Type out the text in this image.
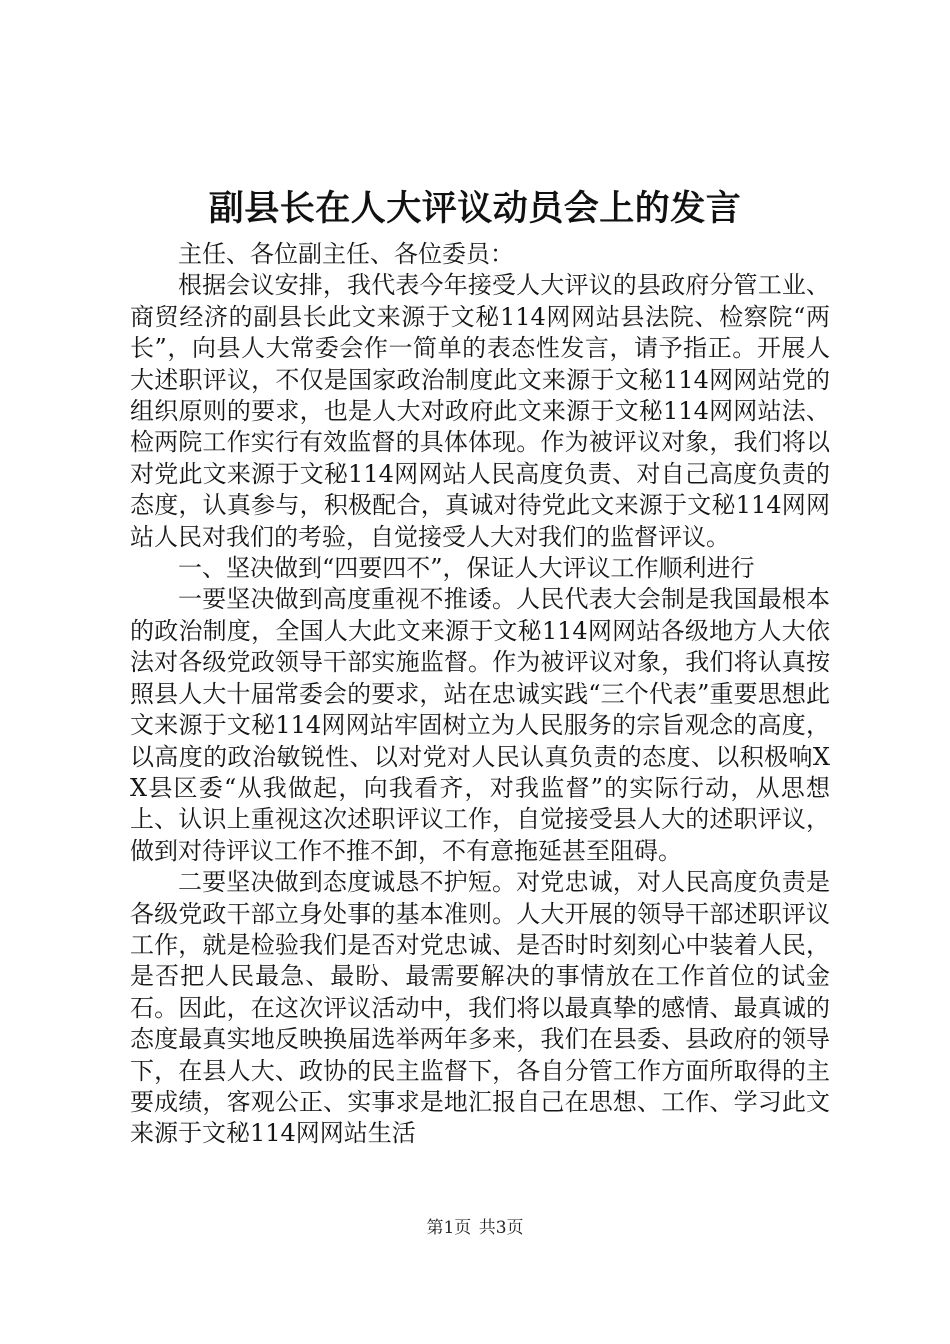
副县长在人大评议动员会上的发言

主任、各位副主任、各位委员：

根据会议安排，我代表今年接受人大评议的县政府分管工业、商贸经济的副县长此文来源于文秘114网网站县法院、检察院“两长”，向县人大常委会作一简单的表态性发言，请予指正。开展人大述职评议，不仅是国家政治制度此文来源于文秘114网网站党的组织原则的要求，也是人大对政府此文来源于文秘114网网站法、检两院工作实行有效监督的具体体现。作为被评议对象，我们将以对党此文来源于文秘114网网站人民高度负责、对自己高度负责的态度，认真参与，积极配合，真诚对待党此文来源于文秘114网网站人民对我们的考验，自觉接受人大对我们的监督评议。

一、坚决做到“四要四不”，保证人大评议工作顺利进行

一要坚决做到高度重视不推诿。人民代表大会制是我国最根本的政治制度，全国人大此文来源于文秘114网网站各级地方人大依法对各级党政领导干部实施监督。作为被评议对象，我们将认真按照县人大十届常委会的要求，站在忠诚实践“三个代表”重要思想此文来源于文秘114网网站牢固树立为人民服务的宗旨观念的高度，以高度的政治敏锐性、以对党对人民认真负责的态度、以积极响XX县区委“从我做起，向我看齐，对我监督”的实际行动，从思想上、认识上重视这次述职评议工作，自觉接受县人大的述职评议，做到对待评议工作不推不卸，不有意拖延甚至阻碍。

二要坚决做到态度诚恳不护短。对党忠诚，对人民高度负责是各级党政干部立身处事的基本准则。人大开展的领导干部述职评议工作，就是检验我们是否对党忠诚、是否时时刻刻心中装着人民，是否把人民最急、最盼、最需要解决的事情放在工作首位的试金石。因此，在这次评议活动中，我们将以最真挚的感情、最真诚的态度最真实地反映换届选举两年多来，我们在县委、县政府的领导下，在县人大、政协的民主监督下，各自分管工作方面所取得的主要成绩，客观公正、实事求是地汇报自己在思想、工作、学习此文来源于文秘114网网站生活

第1页 共3页
